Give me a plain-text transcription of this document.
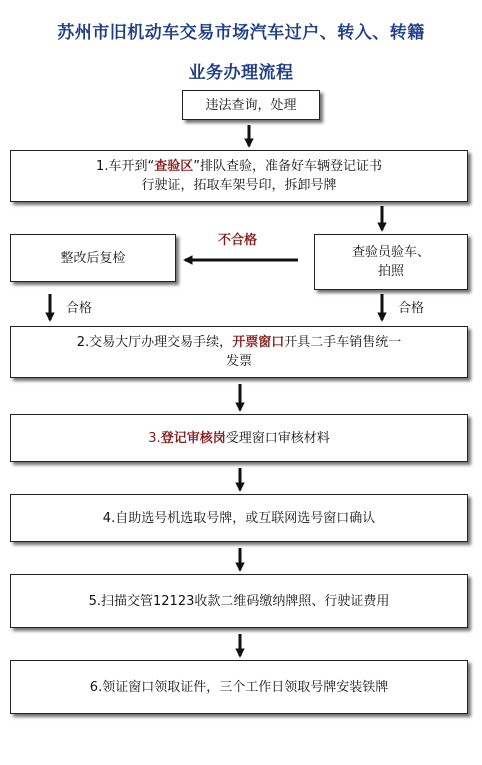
苏州市旧机动车交易市场汽车过户、转入、转籍
业务办理流程
违法查询，处理
1.车开到“查验区”排队查验，准备好车辆登记证书
行驶证，拓取车架号印，拆卸号牌
整改后复检	查验员验车、
拍照
不合格
合格	合格
2.交易大厅办理交易手续，开票窗口开具二手车销售统一
发票
3.登记审核岗受理窗口审核材料
4.自助选号机选取号牌，或互联网选号窗口确认
5.扫描交管12123收款二维码缴纳牌照、行驶证费用
6.领证窗口领取证件，三个工作日领取号牌安装铁牌
